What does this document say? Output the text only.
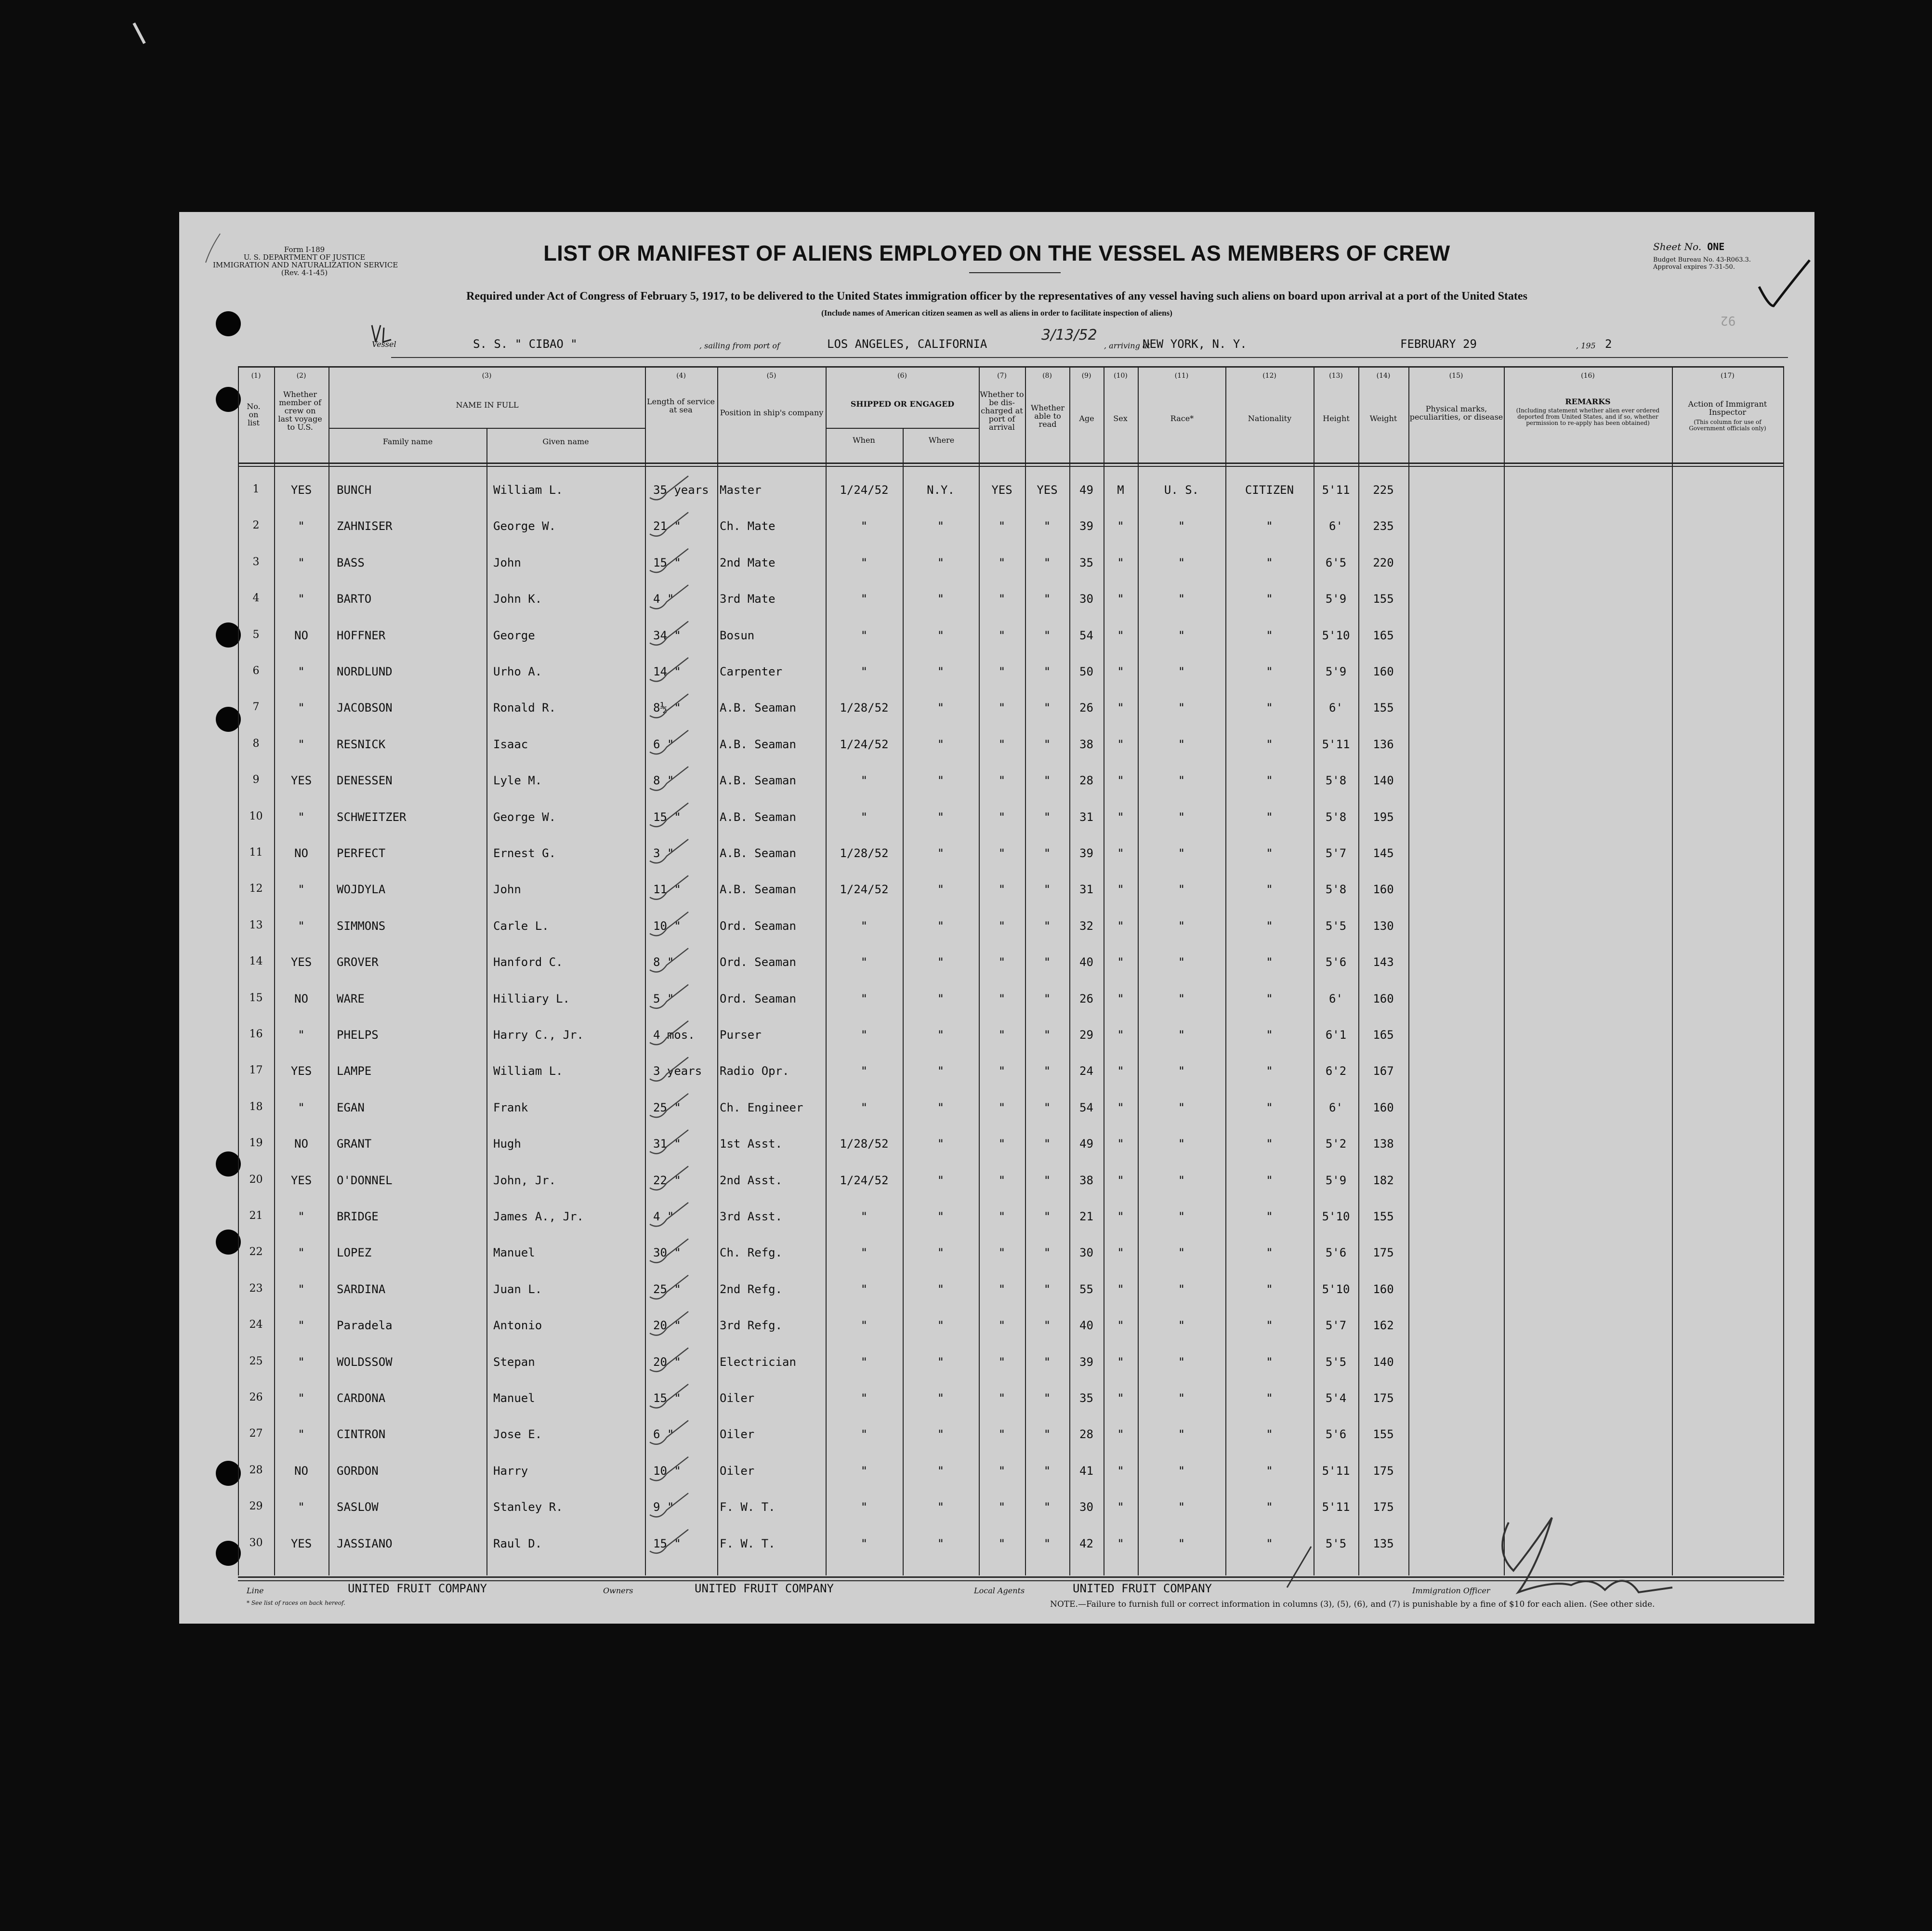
Form I-189
U. S. DEPARTMENT OF JUSTICE
IMMIGRATION AND NATURALIZATION SERVICE
(Rev. 4-1-45)
Sheet No. ONE
Budget Bureau No. 43-R063.3.
Approval expires 7-31-50.
92
LIST OR MANIFEST OF ALIENS EMPLOYED ON THE VESSEL AS MEMBERS OF CREW
Required under Act of Congress of February 5, 1917, to be delivered to the United States immigration officer by the representatives of any vessel having such aliens on board upon arrival at a port of the United States
(Include names of American citizen seamen as well as aliens in order to facilitate inspection of aliens)
Vessel	S. S. " CIBAO "	, sailing from port of	LOS ANGELES, CALIFORNIA
3/13/52
, arriving at
NEW YORK, N. Y.	FEBRUARY 29	, 195 2
No. on list
Whether member of crew on last voyage to U.S.
NAME IN FULL
Family name	Given name
Length of service at sea	Position in ship's company
SHIPPED OR ENGAGED
When	Where
Whether to be dis-charged at port of arrival
Whether able to read
Age	Sex	Race*	Nationality	Height	Weight
Physical marks, peculiarities, or disease
REMARKS
(Including statement whether alien ever ordered deported from United States, and if so, whether permission to re-apply has been obtained)
Action of Immigrant Inspector
(This column for use of Government officials only)
(1)	(2)	(3)	(4)	(5)	(6)	(7)	(8)	(9)	(10)	(11)	(12)	(13)	(14)	(15)	(16)	(17)
1	YES	BUNCH	William L.	35 years Master	1/24/52	N.Y.	YES	YES	49	M	U. S.	CITIZEN	5'11	225
2	"	ZAHNISER	George W.	21 "	Ch. Mate	"	"	"	"	39	"	"	"	6'	235
3	"	BASS	John	15 "	2nd Mate	"	"	"	"	35	"	"	"	6'5	220
4	"	BARTO	John K.	4 "	3rd Mate	"	"	"	"	30	"	"	"	5'9	155
5	NO	HOFFNER	George	34 "	Bosun	"	"	"	"	54	"	"	"	5'10	165
6	"	NORDLUND	Urho A.	14 "	Carpenter	"	"	"	"	50	"	"	"	5'9	160
7	"	JACOBSON	Ronald R.	8½ "	A.B. Seaman	1/28/52	"	"	"	26	"	"	"	6'	155
8	"	RESNICK	Isaac	6 "	A.B. Seaman	1/24/52	"	"	"	38	"	"	"	5'11	136
9	YES	DENESSEN	Lyle M.	8 "	A.B. Seaman	"	"	"	"	28	"	"	"	5'8	140
10	"	SCHWEITZER	George W.	15 "	A.B. Seaman	"	"	"	"	31	"	"	"	5'8	195
11	NO	PERFECT	Ernest G.	3 "	A.B. Seaman	1/28/52	"	"	"	39	"	"	"	5'7	145
12	"	WOJDYLA	John	11 "	A.B. Seaman	1/24/52	"	"	"	31	"	"	"	5'8	160
13	"	SIMMONS	Carle L.	10 "	Ord. Seaman	"	"	"	"	32	"	"	"	5'5	130
14	YES	GROVER	Hanford C.	8 "	Ord. Seaman	"	"	"	"	40	"	"	"	5'6	143
15	NO	WARE	Hilliary L.	5 "	Ord. Seaman	"	"	"	"	26	"	"	"	6'	160
16	"	PHELPS	Harry C., Jr.	4 mos.	Purser	"	"	"	"	29	"	"	"	6'1	165
17	YES	LAMPE	William L.	3 years	Radio Opr.	"	"	"	"	24	"	"	"	6'2	167
18	"	EGAN	Frank	25 "	Ch. Engineer	"	"	"	"	54	"	"	"	6'	160
19	NO	GRANT	Hugh	31 "	1st Asst.	1/28/52	"	"	"	49	"	"	"	5'2	138
20	YES	O'DONNEL	John, Jr.	22 "	2nd Asst.	1/24/52	"	"	"	38	"	"	"	5'9	182
21	"	BRIDGE	James A., Jr.	4 "	3rd Asst.	"	"	"	"	21	"	"	"	5'10	155
22	"	LOPEZ	Manuel	30 "	Ch. Refg.	"	"	"	"	30	"	"	"	5'6	175
23	"	SARDINA	Juan L.	25 "	2nd Refg.	"	"	"	"	55	"	"	"	5'10	160
24	"	Paradela	Antonio	20 "	3rd Refg.	"	"	"	"	40	"	"	"	5'7	162
25	"	WOLDSSOW	Stepan	20 "	Electrician	"	"	"	"	39	"	"	"	5'5	140
26	"	CARDONA	Manuel	15 "	Oiler	"	"	"	"	35	"	"	"	5'4	175
27	"	CINTRON	Jose E.	6 "	Oiler	"	"	"	"	28	"	"	"	5'6	155
28	NO	GORDON	Harry	10 "	Oiler	"	"	"	"	41	"	"	"	5'11	175
29	"	SASLOW	Stanley R.	9 "	F. W. T.	"	"	"	"	30	"	"	"	5'11	175
30	YES	JASSIANO	Raul D.	15 "	F. W. T.	"	"	"	"	42	"	"	"	5'5	135
Line	UNITED FRUIT COMPANY	Owners	UNITED FRUIT COMPANY	Local Agents	UNITED FRUIT COMPANY	Immigration Officer
* See list of races on back hereof.	NOTE.—Failure to furnish full or correct information in columns (3), (5), (6), and (7) is punishable by a fine of $10 for each alien. (See other side.
